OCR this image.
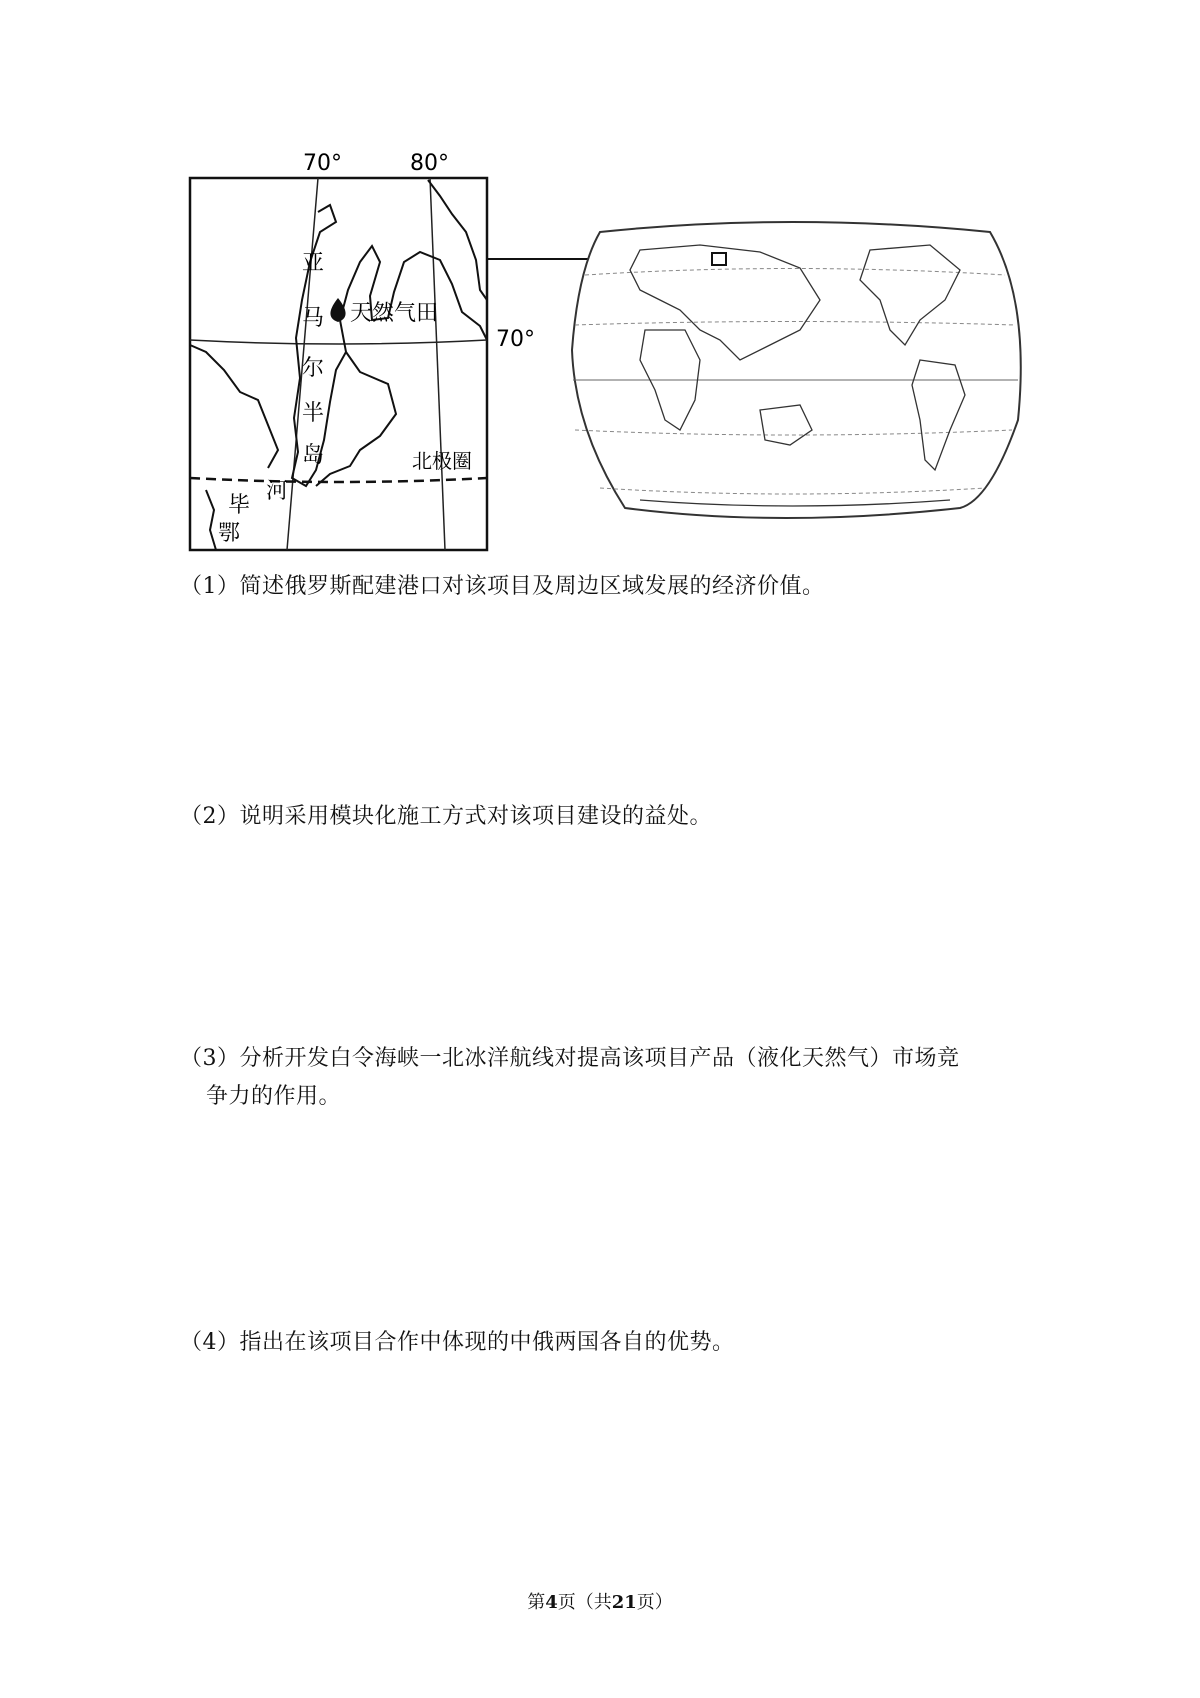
70°	80°
70°
亚
马
尔
半
岛
天然气田
北极圈
毕
河
鄂
（1）简述俄罗斯配建港口对该项目及周边区域发展的经济价值。
（2）说明采用模块化施工方式对该项目建设的益处。
（3）分析开发白令海峡一北冰洋航线对提高该项目产品（液化天然气）市场竞
争力的作用。
（4）指出在该项目合作中体现的中俄两国各自的优势。
第4页（共21页）
